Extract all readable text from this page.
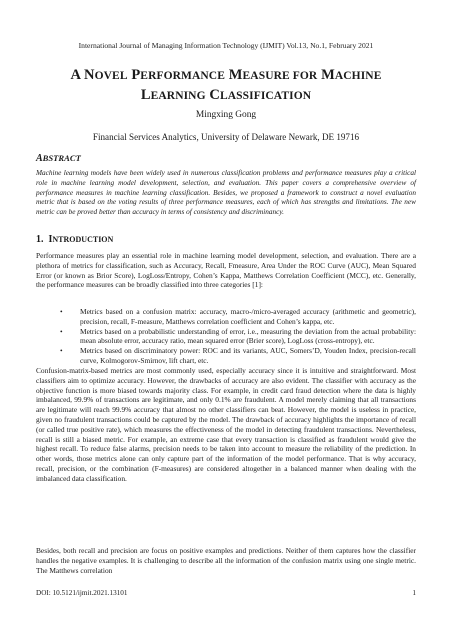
International Journal of Managing Information Technology (IJMIT) Vol.13, No.1, February 2021
A NOVEL PERFORMANCE MEASURE FOR MACHINE
LEARNING CLASSIFICATION
Mingxing Gong
Financial Services Analytics, University of Delaware Newark, DE 19716
ABSTRACT
Machine learning models have been widely used in numerous classification problems and performance measures play a critical role in machine learning model development, selection, and evaluation. This paper covers a comprehensive overview of performance measures in machine learning classification. Besides, we proposed a framework to construct a novel evaluation metric that is based on the voting results of three performance measures, each of which has strengths and limitations. The new metric can be proved better than accuracy in terms of consistency and discriminancy.
1. INTRODUCTION
Performance measures play an essential role in machine learning model development, selection, and evaluation. There are a plethora of metrics for classification, such as Accuracy, Recall, Fmeasure, Area Under the ROC Curve (AUC), Mean Squared Error (or known as Brior Score), LogLoss/Entropy, Cohen’s Kappa, Matthews Correlation Coefficient (MCC), etc. Generally, the performance measures can be broadly classified into three categories [1]:
• Metrics based on a confusion matrix: accuracy, macro-/micro-averaged accuracy (arithmetic and geometric), precision, recall, F-measure, Matthews correlation coefficient and Cohen’s kappa, etc.
• Metrics based on a probabilistic understanding of error, i.e., measuring the deviation from the actual probability: mean absolute error, accuracy ratio, mean squared error (Brier score), LogLoss (cross-entropy), etc.
• Metrics based on discriminatory power: ROC and its variants, AUC, Somers’D, Youden Index, precision-recall curve, Kolmogorov-Smirnov, lift chart, etc.
Confusion-matrix-based metrics are most commonly used, especially accuracy since it is intuitive and straightforward. Most classifiers aim to optimize accuracy. However, the drawbacks of accuracy are also evident. The classifier with accuracy as the objective function is more biased towards majority class. For example, in credit card fraud detection where the data is highly imbalanced, 99.9% of transactions are legitimate, and only 0.1% are fraudulent. A model merely claiming that all transactions are legitimate will reach 99.9% accuracy that almost no other classifiers can beat. However, the model is useless in practice, given no fraudulent transactions could be captured by the model. The drawback of accuracy highlights the importance of recall (or called true positive rate), which measures the effectiveness of the model in detecting fraudulent transactions. Nevertheless, recall is still a biased metric. For example, an extreme case that every transaction is classified as fraudulent would give the highest recall. To reduce false alarms, precision needs to be taken into account to measure the reliability of the prediction. In other words, those metrics alone can only capture part of the information of the model performance. That is why accuracy, recall, precision, or the combination (F-measures) are considered altogether in a balanced manner when dealing with the imbalanced data classification.
Besides, both recall and precision are focus on positive examples and predictions. Neither of them captures how the classifier handles the negative examples. It is challenging to describe all the information of the confusion matrix using one single metric. The Matthews correlation
DOI: 10.5121/ijmit.2021.13101	1
